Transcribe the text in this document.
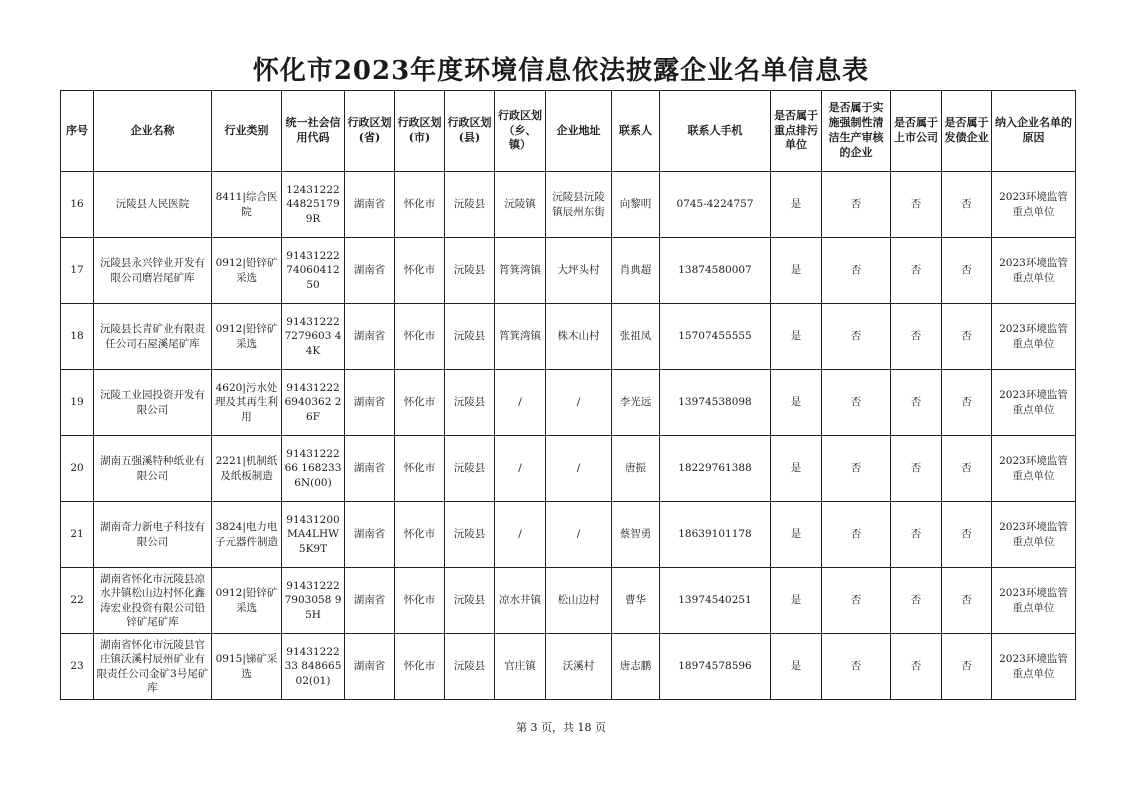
怀化市2023年度环境信息依法披露企业名单信息表
序号	企业名称	行业类别	统一社会信用代码	行政区划(省)	行政区划(市)	行政区划(县)	行政区划（乡、镇）	企业地址	联系人	联系人手机	是否属于重点排污单位	是否属于实施强制性清洁生产审核的企业	是否属于上市公司	是否属于发债企业	纳入企业名单的原因
16	沅陵县人民医院	8411|综合医院	12431222448251799R	湖南省	怀化市	沅陵县	沅陵镇	沅陵县沅陵镇辰州东街	向黎明	0745-4224757	是	否	否	否	2023环境监管重点单位
17	沅陵县永兴锌业开发有限公司磨岩尾矿库	0912|铅锌矿采选	914312227406041250	湖南省	怀化市	沅陵县	筲箕湾镇	大坪头村	肖典超	13874580007	是	否	否	否	2023环境监管重点单位
18	沅陵县长青矿业有限责任公司石屋溪尾矿库	0912|铅锌矿采选	914312227279603 44K	湖南省	怀化市	沅陵县	筲箕湾镇	株木山村	张祖凤	15707455555	是	否	否	否	2023环境监管重点单位
19	沅陵工业园投资开发有限公司	4620|污水处理及其再生利用	914312226940362 26F	湖南省	怀化市	沅陵县	/	/	李光远	13974538098	是	否	否	否	2023环境监管重点单位
20	湖南五强溪特种纸业有限公司	2221|机制纸及纸板制造	9143122266 1682336N(00)	湖南省	怀化市	沅陵县	/	/	唐振	18229761388	是	否	否	否	2023环境监管重点单位
21	湖南奇力新电子科技有限公司	3824|电力电子元器件制造	91431200MA4LHW5K9T	湖南省	怀化市	沅陵县	/	/	蔡智勇	18639101178	是	否	否	否	2023环境监管重点单位
22	湖南省怀化市沅陵县凉水井镇松山边村怀化鑫涛宏业投资有限公司铅锌矿尾矿库	0912|铅锌矿采选	914312227903058 95H	湖南省	怀化市	沅陵县	凉水井镇	松山边村	曹华	13974540251	是	否	否	否	2023环境监管重点单位
23	湖南省怀化市沅陵县官庄镇沃溪村辰州矿业有限责任公司金矿3号尾矿库	0915|锑矿采选	9143122233 84866502(01)	湖南省	怀化市	沅陵县	官庄镇	沃溪村	唐志鹏	18974578596	是	否	否	否	2023环境监管重点单位
第 3 页，共 18 页
